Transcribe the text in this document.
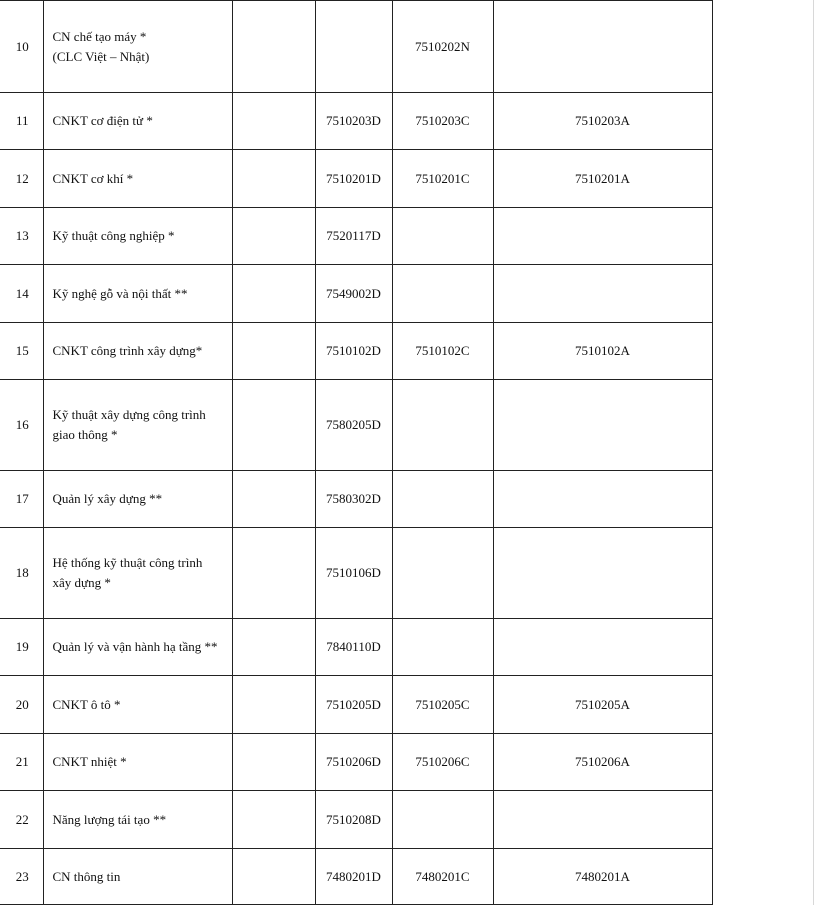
10	CN chế tạo máy *
(CLC Việt – Nhật)			7510202N	

11	CNKT cơ điện tử *		7510203D	7510203C	7510203A

12	CNKT cơ khí *		7510201D	7510201C	7510201A

13	Kỹ thuật công nghiệp *		7520117D		

14	Kỹ nghệ gỗ và nội thất **		7549002D		

15	CNKT công trình xây dựng*		7510102D	7510102C	7510102A

16	Kỹ thuật xây dựng công trình
giao thông *		7580205D		

17	Quản lý xây dựng **		7580302D		

18	Hệ thống kỹ thuật công trình
xây dựng *		7510106D		

19	Quản lý và vận hành hạ tầng **		7840110D		

20	CNKT ô tô *		7510205D	7510205C	7510205A

21	CNKT nhiệt *		7510206D	7510206C	7510206A

22	Năng lượng tái tạo **		7510208D		

23	CN thông tin		7480201D	7480201C	7480201A
